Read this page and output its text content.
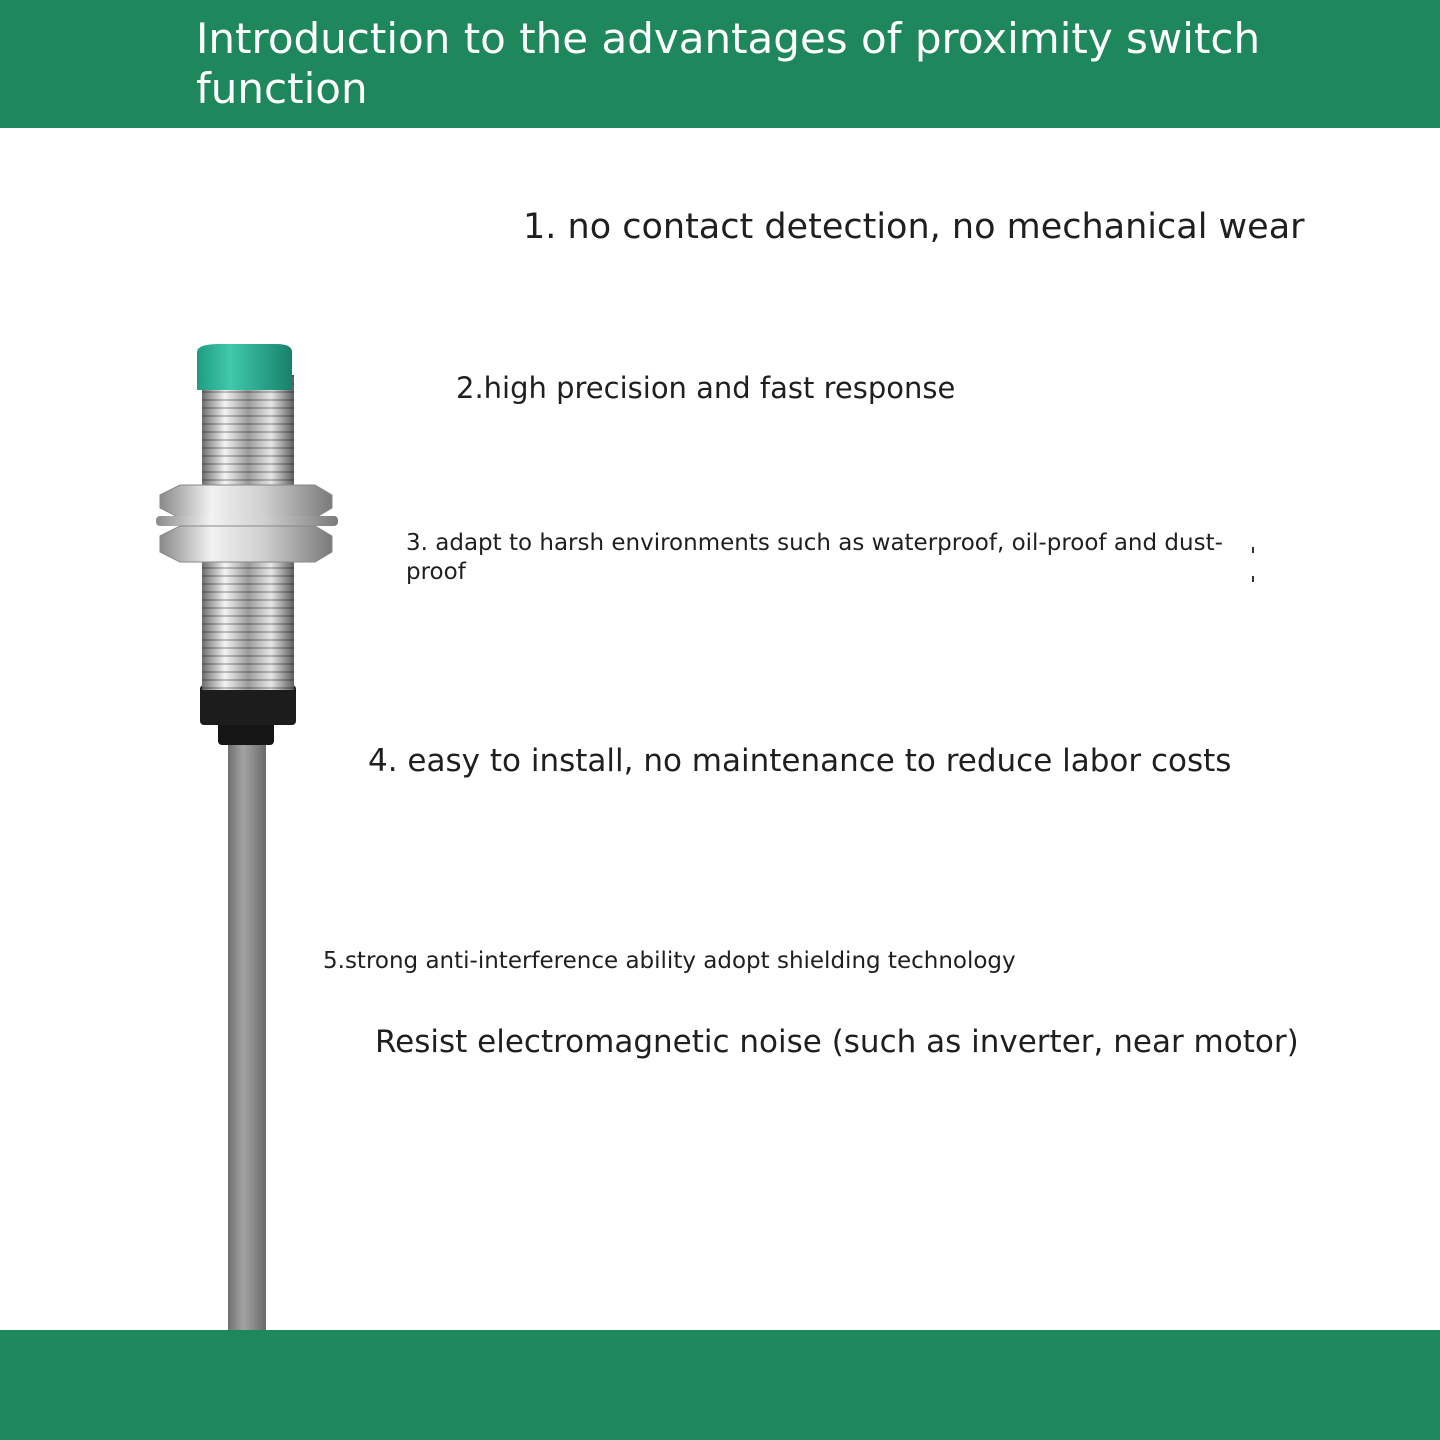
Introduction to the advantages of proximity switch function

1. no contact detection, no mechanical wear

2.high precision and fast response

3. adapt to harsh environments such as waterproof, oil-proof and dust-proof

4. easy to install, no maintenance to reduce labor costs

5.strong anti-interference ability adopt shielding technology

Resist electromagnetic noise (such as inverter, near motor)
